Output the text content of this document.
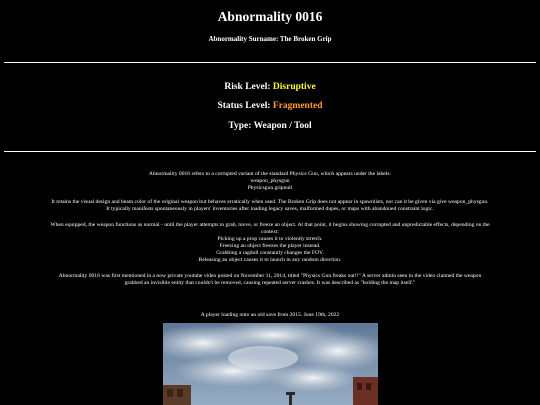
Abnormality 0016
Abnormality Surname: The Broken Grip
Risk Level: Disruptive
Status Level: Fragmented
Type: Weapon / Tool
Abnormality 0016 refers to a corrupted variant of the standard Physics Gun, which appears under the labels:
weapon_physgun
Physicsgun.gripnull
It retains the visual design and beam color of the original weapon but behaves erratically when used. The Broken Grip does not appear in spawnlists, nor can it be given via give weapon_physgun.
It typically manifests spontaneously in players' inventories after loading legacy saves, malformed dupes, or maps with abandoned constraint logic.
When equipped, the weapon functions as normal - until the player attempts to grab, move, or freeze an object. At that point, it begins showing corrupted and unpredictable effects, depending on the
context:
Picking up a prop causes it to violently stretch.
Freezing an object freezes the player instead.
Grabbing a ragdoll constantly changes the FOV.
Releasing an object causes it to launch in any random direction.
Abnormality 0016 was first mentioned in a now private youtube video posted on November 11, 2014, titled "Physics Gun freaks out!!" A server admin seen in the video claimed the weapon
grabbed an invisible entity that couldn't be removed, causing repeated server crashes. It was described as "holding the map itself."
A player loading onto an old save from 2015. June 19th, 2022
